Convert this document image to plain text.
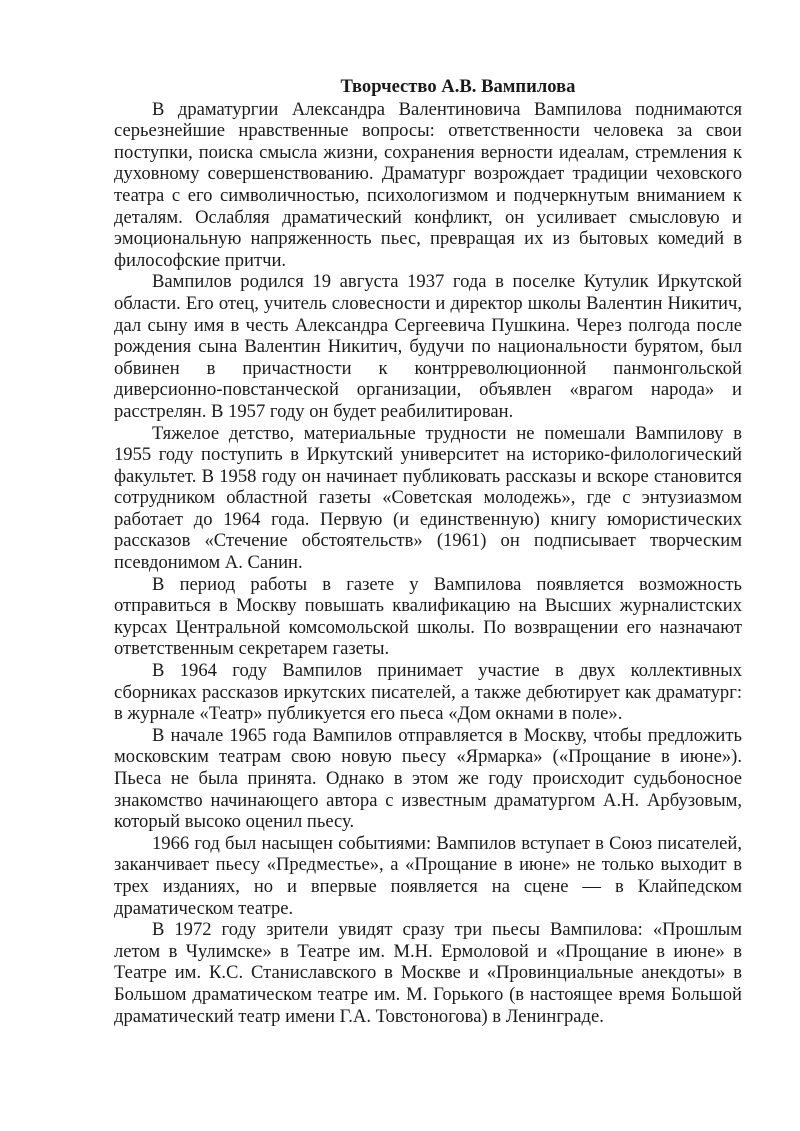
Творчество А.В. Вампилова

В драматургии Александра Валентиновича Вампилова поднимаются серьезнейшие нравственные вопросы: ответственности человека за свои поступки, поиска смысла жизни, сохранения верности идеалам, стремления к духовному совершенствованию. Драматург возрождает традиции чеховского театра с его символичностью, психологизмом и подчеркнутым вниманием к деталям. Ослабляя драматический конфликт, он усиливает смысловую и эмоциональную напряженность пьес, превращая их из бытовых комедий в философские притчи.

Вампилов родился 19 августа 1937 года в поселке Кутулик Иркутской области. Его отец, учитель словесности и директор школы Валентин Никитич, дал сыну имя в честь Александра Сергеевича Пушкина. Через полгода после рождения сына Валентин Никитич, будучи по национальности бурятом, был обвинен в причастности к контрреволюционной панмонгольской диверсионно-повстанческой организации, объявлен «врагом народа» и расстрелян. В 1957 году он будет реабилитирован.

Тяжелое детство, материальные трудности не помешали Вампилову в 1955 году поступить в Иркутский университет на историко-филологический факультет. В 1958 году он начинает публиковать рассказы и вскоре становится сотрудником областной газеты «Советская молодежь», где с энтузиазмом работает до 1964 года. Первую (и единственную) книгу юмористических рассказов «Стечение обстоятельств» (1961) он подписывает творческим псевдонимом А. Санин.

В период работы в газете у Вампилова появляется возможность отправиться в Москву повышать квалификацию на Высших журналистских курсах Центральной комсомольской школы. По возвращении его назначают ответственным секретарем газеты.

В 1964 году Вампилов принимает участие в двух коллективных сборниках рассказов иркутских писателей, а также дебютирует как драматург: в журнале «Театр» публикуется его пьеса «Дом окнами в поле».

В начале 1965 года Вампилов отправляется в Москву, чтобы предложить московским театрам свою новую пьесу «Ярмарка» («Прощание в июне»). Пьеса не была принята. Однако в этом же году происходит судьбоносное знакомство начинающего автора с известным драматургом А.Н. Арбузовым, который высоко оценил пьесу.

1966 год был насыщен событиями: Вампилов вступает в Союз писателей, заканчивает пьесу «Предместье», а «Прощание в июне» не только выходит в трех изданиях, но и впервые появляется на сцене — в Клайпедском драматическом театре.

В 1972 году зрители увидят сразу три пьесы Вампилова: «Прошлым летом в Чулимске» в Театре им. М.Н. Ермоловой и «Прощание в июне» в Театре им. К.С. Станиславского в Москве и «Провинциальные анекдоты» в Большом драматическом театре им. М. Горького (в настоящее время Большой драматический театр имени Г.А. Товстоногова) в Ленинграде.
